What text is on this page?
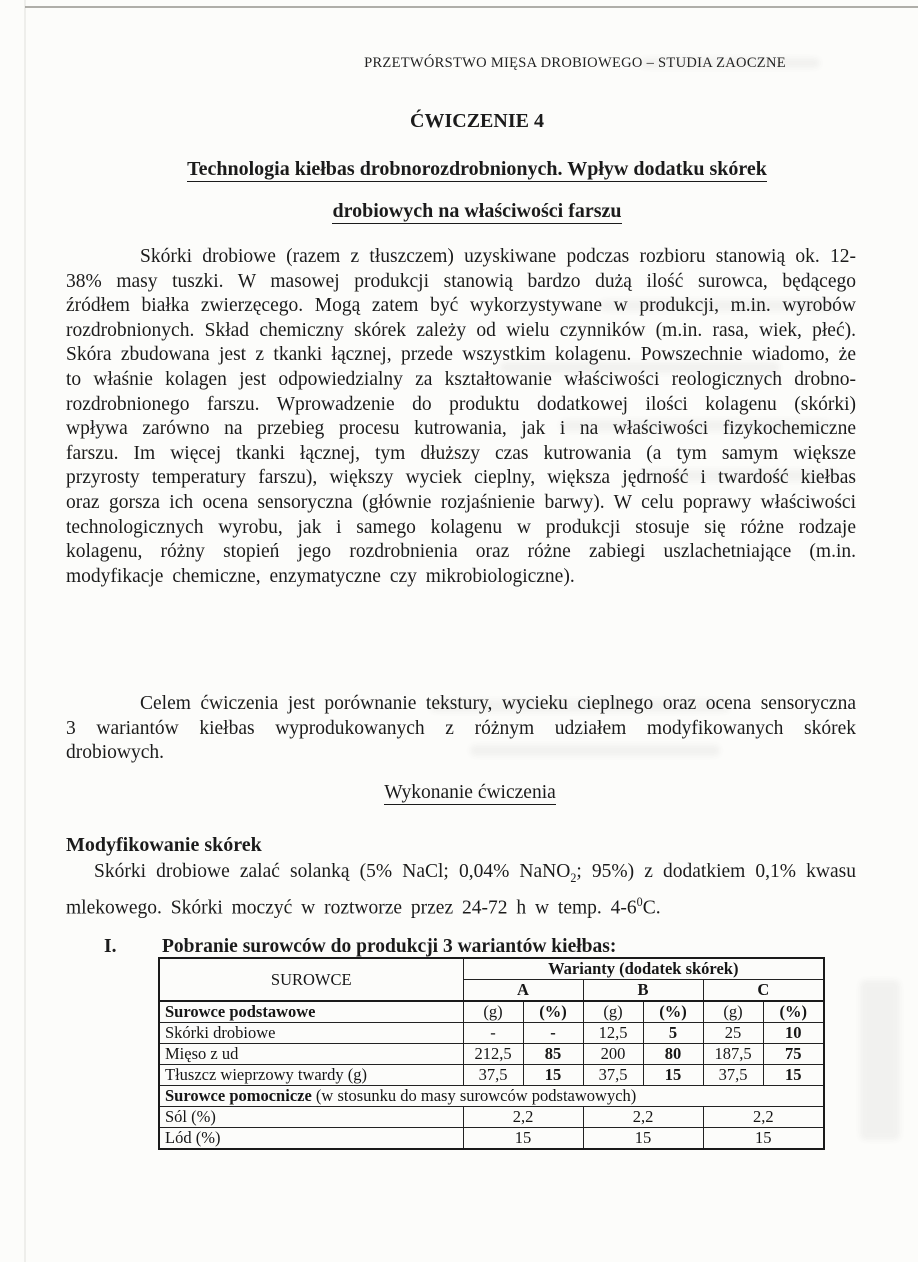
PRZETWÓRSTWO MIĘSA DROBIOWEGO – STUDIA ZAOCZNE
ĆWICZENIE 4
Technologia kiełbas drobnorozdrobnionych. Wpływ dodatku skórek
drobiowych na właściwości farszu

Skórki drobiowe (razem z tłuszczem) uzyskiwane podczas rozbioru stanowią ok. 12-38% masy tuszki. W masowej produkcji stanowią bardzo dużą ilość surowca, będącego źródłem białka zwierzęcego. Mogą zatem być wykorzystywane w produkcji, m.in. wyrobów rozdrobnionych. Skład chemiczny skórek zależy od wielu czynników (m.in. rasa, wiek, płeć). Skóra zbudowana jest z tkanki łącznej, przede wszystkim kolagenu. Powszechnie wiadomo, że to właśnie kolagen jest odpowiedzialny za kształtowanie właściwości reologicznych drobno-rozdrobnionego farszu. Wprowadzenie do produktu dodatkowej ilości kolagenu (skórki) wpływa zarówno na przebieg procesu kutrowania, jak i na właściwości fizykochemiczne farszu. Im więcej tkanki łącznej, tym dłuższy czas kutrowania (a tym samym większe przyrosty temperatury farszu), większy wyciek cieplny, większa jędrność i twardość kiełbas oraz gorsza ich ocena sensoryczna (głównie rozjaśnienie barwy). W celu poprawy właściwości technologicznych wyrobu, jak i samego kolagenu w produkcji stosuje się różne rodzaje kolagenu, różny stopień jego rozdrobnienia oraz różne zabiegi uszlachetniające (m.in. modyfikacje chemiczne, enzymatyczne czy mikrobiologiczne).

Celem ćwiczenia jest porównanie tekstury, wycieku cieplnego oraz ocena sensoryczna 3 wariantów kiełbas wyprodukowanych z różnym udziałem modyfikowanych skórek drobiowych.

Wykonanie ćwiczenia
Modyfikowanie skórek

Skórki drobiowe zalać solanką (5% NaCl; 0,04% NaNO$_2$; 95%) z dodatkiem 0,1% kwasu mlekowego. Skórki moczyć w roztworze przez 24-72 h w temp. $4-6^0C$.

I. Pobranie surowców do produkcji 3 wariantów kiełbas:
SUROWCE	Warianty (dodatek skórek)					
	A		B		C	
Surowce podstawowe	(g)	(%)	(g)	(%)	(g)	(%)
Skórki drobiowe	-	-	12,5	5	25	10
Mięso z ud	212,5	85	200	80	187,5	75
Tłuszcz wieprzowy twardy (g)	37,5	15	37,5	15	37,5	15
Surowce pomocnicze (w stosunku do masy surowców podstawowych)						
Sól (%)	2,2		2,2		2,2	
Lód (%)	15		15		15	
